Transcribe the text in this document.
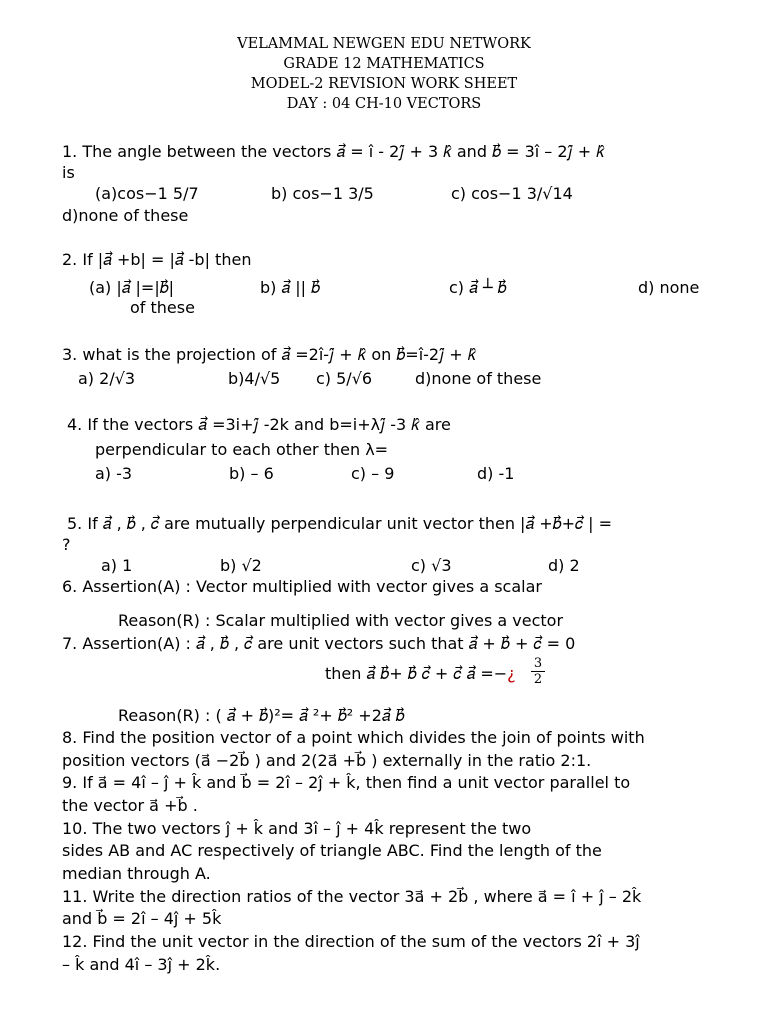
VELAMMAL NEWGEN EDU NETWORK
GRADE 12 MATHEMATICS
MODEL-2 REVISION WORK SHEET
DAY : 04 CH-10 VECTORS
1. The angle between the vectors 𝑎⃗ = î - 2𝑗̂ + 3 𝑘̂ and 𝑏⃗ = 3î – 2𝑗̂ + 𝑘̂
is
(a)cos−1 5/7	b) cos−1 3/5	c) cos−1 3/√14
d)none of these
2. If |𝑎⃗ +b| = |𝑎⃗ -b| then
(a) |𝑎⃗ |=|𝑏⃗|	b) 𝑎⃗ || 𝑏⃗	c) 𝑎⃗ ┴ 𝑏⃗	d) none
of these
3. what is the projection of 𝑎⃗ =2î-𝑗̂ + 𝑘̂ on 𝑏⃗=î-2𝑗̂ + 𝑘̂
a) 2/√3	b)4/√5 c) 5/√6	d)none of these
4. If the vectors 𝑎⃗ =3i+𝑗̂ -2k and b=i+λ𝑗̂ -3 𝑘̂ are
perpendicular to each other then λ=
a) -3	b) – 6	c) – 9	d) -1
5. If 𝑎⃗ , 𝑏⃗ , 𝑐⃗ are mutually perpendicular unit vector then |𝑎⃗ +𝑏⃗+𝑐⃗ | =
?
a) 1	b) √2	c) √3	d) 2
6. Assertion(A) : Vector multiplied with vector gives a scalar
Reason(R) : Scalar multiplied with vector gives a vector
7. Assertion(A) : 𝑎⃗ , 𝑏⃗ , 𝑐⃗ are unit vectors such that 𝑎⃗ + 𝑏⃗ + 𝑐⃗ = 0
then 𝑎⃗ 𝑏⃗+ 𝑏⃗ 𝑐⃗ + 𝑐⃗ 𝑎⃗ =−¿
3
2
Reason(R) : ( 𝑎⃗ + 𝑏⃗)²= 𝑎⃗ ²+ 𝑏⃗² +2𝑎⃗ 𝑏⃗
8. Find the position vector of a point which divides the join of points with
position vectors (a⃗ −2b⃗ ) and 2(2a⃗ +b⃗ ) externally in the ratio 2:1.
9. If a⃗ = 4î – ĵ + k̂ and b⃗ = 2î – 2ĵ + k̂, then find a unit vector parallel to
the vector a⃗ +b⃗ .
10. The two vectors ĵ + k̂ and 3î – ĵ + 4k̂ represent the two
sides AB and AC respectively of triangle ABC. Find the length of the
median through A.
11. Write the direction ratios of the vector 3a⃗ + 2b⃗ , where a⃗ = î + ĵ – 2k̂
and b⃗ = 2î – 4ĵ + 5k̂
12. Find the unit vector in the direction of the sum of the vectors 2î + 3ĵ
– k̂ and 4î – 3ĵ + 2k̂.
